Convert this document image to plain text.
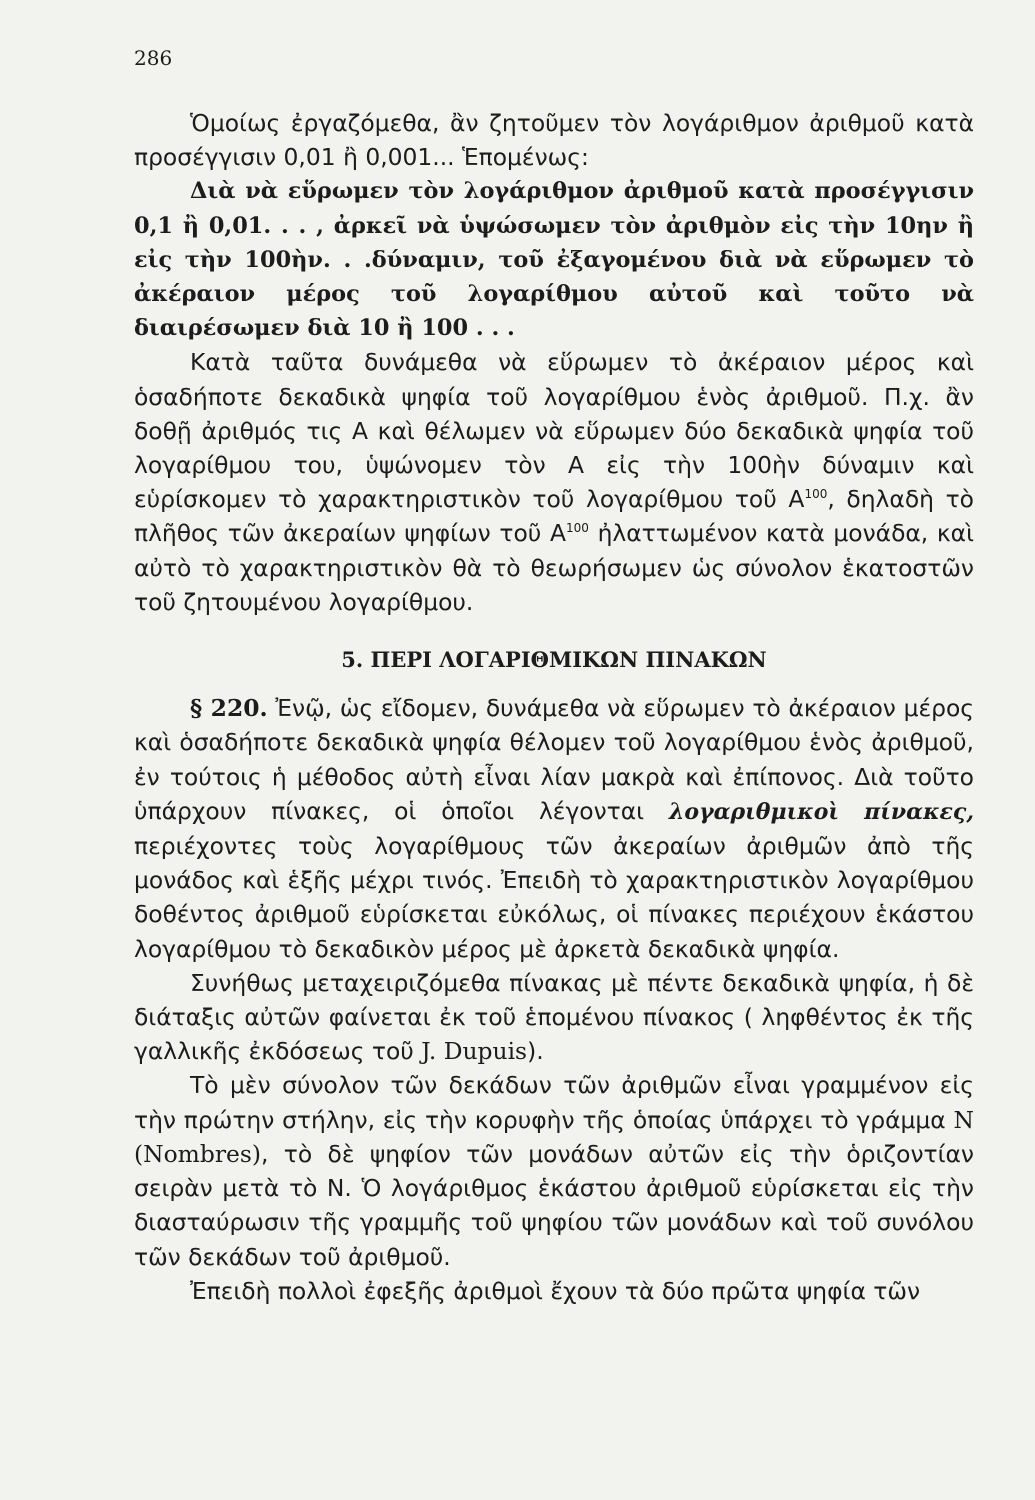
286

Ὁμοίως ἐργαζόμεθα, ἂν ζητοῦμεν τὸν λογάριθμον ἀριθμοῦ κατὰ προσέγγισιν 0,01 ἢ 0,001... Ἑπομένως:

Διὰ νὰ εὕρωμεν τὸν λογάριθμον ἀριθμοῦ κατὰ προσέγγισιν 0,1 ἢ 0,01. . . , ἀρκεῖ νὰ ὑψώσωμεν τὸν ἀριθμὸν εἰς τὴν 10ην ἢ εἰς τὴν 100ὴν. . .δύναμιν, τοῦ ἐξαγομένου διὰ νὰ εὕρωμεν τὸ ἀκέραιον μέρος τοῦ λογαρίθμου αὐτοῦ καὶ τοῦτο νὰ διαιρέσωμεν διὰ 10 ἢ 100 . . .

Κατὰ ταῦτα δυνάμεθα νὰ εὕρωμεν τὸ ἀκέραιον μέρος καὶ ὁσαδήποτε δεκαδικὰ ψηφία τοῦ λογαρίθμου ἑνὸς ἀριθμοῦ. Π.χ. ἂν δοθῇ ἀριθμός τις Α καὶ θέλωμεν νὰ εὕρωμεν δύο δεκαδικὰ ψηφία τοῦ λογαρίθμου του, ὑψώνομεν τὸν Α εἰς τὴν 100ὴν δύναμιν καὶ εὑρίσκομεν τὸ χαρακτηριστικὸν τοῦ λογαρίθμου τοῦ $A^{100}$, δηλαδὴ τὸ πλῆθος τῶν ἀκεραίων ψηφίων τοῦ $A^{100}$ ἠλαττωμένον κατὰ μονάδα, καὶ αὐτὸ τὸ χαρακτηριστικὸν θὰ τὸ θεωρήσωμεν ὡς σύνολον ἑκατοστῶν τοῦ ζητουμένου λογαρίθμου.

5. ΠΕΡΙ ΛΟΓΑΡΙΘΜΙΚΩΝ ΠΙΝΑΚΩΝ

§ 220. Ἐνῷ, ὡς εἴδομεν, δυνάμεθα νὰ εὕρωμεν τὸ ἀκέραιον μέρος καὶ ὁσαδήποτε δεκαδικὰ ψηφία θέλομεν τοῦ λογαρίθμου ἑνὸς ἀριθμοῦ, ἐν τούτοις ἡ μέθοδος αὐτὴ εἶναι λίαν μακρὰ καὶ ἐπίπονος. Διὰ τοῦτο ὑπάρχουν πίνακες, οἱ ὁποῖοι λέγονται λογαριθμικοὶ πίνακες, περιέχοντες τοὺς λογαρίθμους τῶν ἀκεραίων ἀριθμῶν ἀπὸ τῆς μονάδος καὶ ἑξῆς μέχρι τινός. Ἐπειδὴ τὸ χαρακτηριστικὸν λογαρίθμου δοθέντος ἀριθμοῦ εὑρίσκεται εὐκόλως, οἱ πίνακες περιέχουν ἑκάστου λογαρίθμου τὸ δεκαδικὸν μέρος μὲ ἀρκετὰ δεκαδικὰ ψηφία.

Συνήθως μεταχειριζόμεθα πίνακας μὲ πέντε δεκαδικὰ ψηφία, ἡ δὲ διάταξις αὐτῶν φαίνεται ἐκ τοῦ ἑπομένου πίνακος ( ληφθέντος ἐκ τῆς γαλλικῆς ἐκδόσεως τοῦ J. Dupuis).

Τὸ μὲν σύνολον τῶν δεκάδων τῶν ἀριθμῶν εἶναι γραμμένον εἰς τὴν πρώτην στήλην, εἰς τὴν κορυφὴν τῆς ὁποίας ὑπάρχει τὸ γράμμα N (Nombres), τὸ δὲ ψηφίον τῶν μονάδων αὐτῶν εἰς τὴν ὁριζοντίαν σειρὰν μετὰ τὸ N. Ὁ λογάριθμος ἑκάστου ἀριθμοῦ εὑρίσκεται εἰς τὴν διασταύρωσιν τῆς γραμμῆς τοῦ ψηφίου τῶν μονάδων καὶ τοῦ συνόλου τῶν δεκάδων τοῦ ἀριθμοῦ.

Ἐπειδὴ πολλοὶ ἐφεξῆς ἀριθμοὶ ἔχουν τὰ δύο πρῶτα ψηφία τῶν
